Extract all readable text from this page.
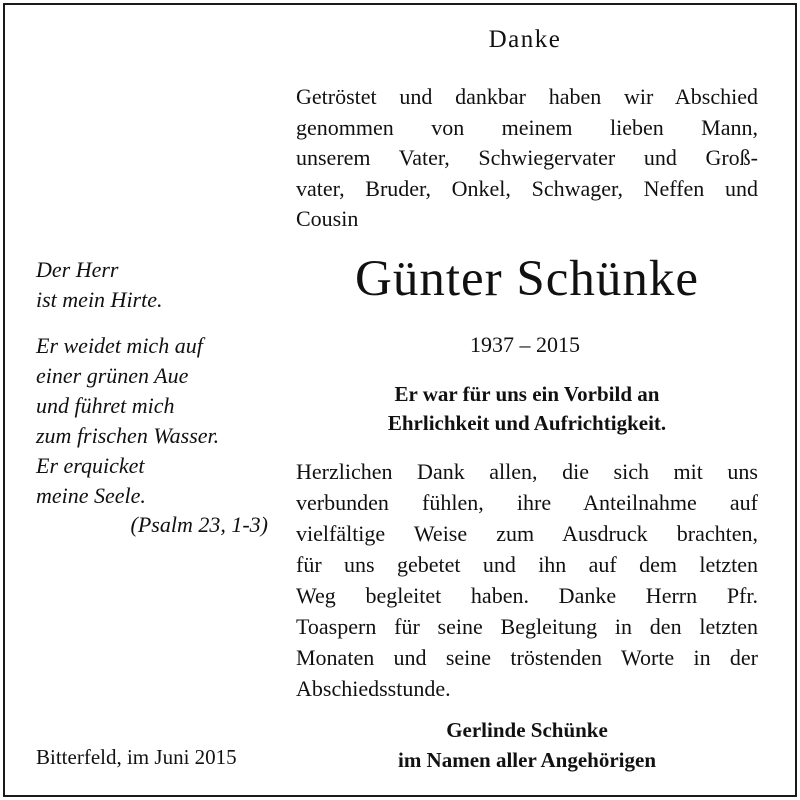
Danke
Getröstet und dankbar haben wir Abschied
genommen von meinem lieben Mann,
unserem Vater, Schwiegervater und Groß-
vater, Bruder, Onkel, Schwager, Neffen und
Cousin
Günter Schünke
1937 – 2015
Er war für uns ein Vorbild an
Ehrlichkeit und Aufrichtigkeit.
Herzlichen Dank allen, die sich mit uns
verbunden fühlen, ihre Anteilnahme auf
vielfältige Weise zum Ausdruck brachten,
für uns gebetet und ihn auf dem letzten
Weg begleitet haben. Danke Herrn Pfr.
Toaspern für seine Begleitung in den letzten
Monaten und seine tröstenden Worte in der
Abschiedsstunde.
Gerlinde Schünke
im Namen aller Angehörigen
Der Herr
ist mein Hirte.
Er weidet mich auf
einer grünen Aue
und führet mich
zum frischen Wasser.
Er erquicket
meine Seele.
(Psalm 23, 1-3)
Bitterfeld, im Juni 2015
